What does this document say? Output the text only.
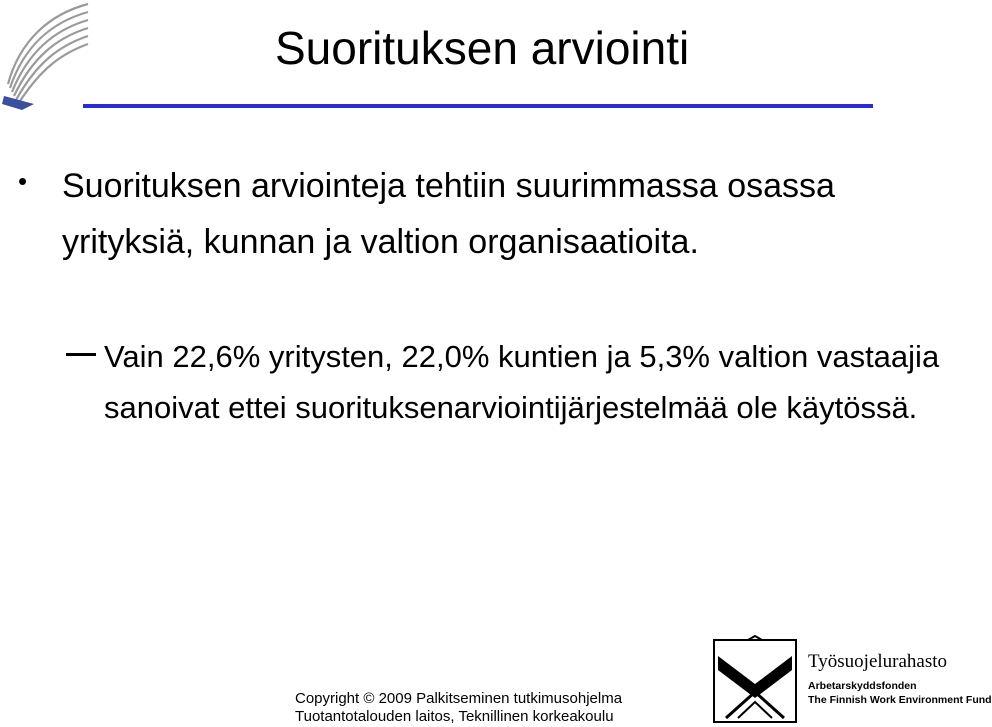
Suorituksen arviointi
• Suorituksen arviointeja tehtiin suurimmassa osassa yrityksiä, kunnan ja valtion organisaatioita.
Vain 22,6% yritysten, 22,0% kuntien ja 5,3% valtion vastaajia sanoivat ettei suorituksenarviointijärjestelmää ole käytössä.
Copyright © 2009 Palkitseminen tutkimusohjelma
Tuotantotalouden laitos, Teknillinen korkeakoulu
Työsuojelurahasto
Arbetarskyddsfonden
The Finnish Work Environment Fund
